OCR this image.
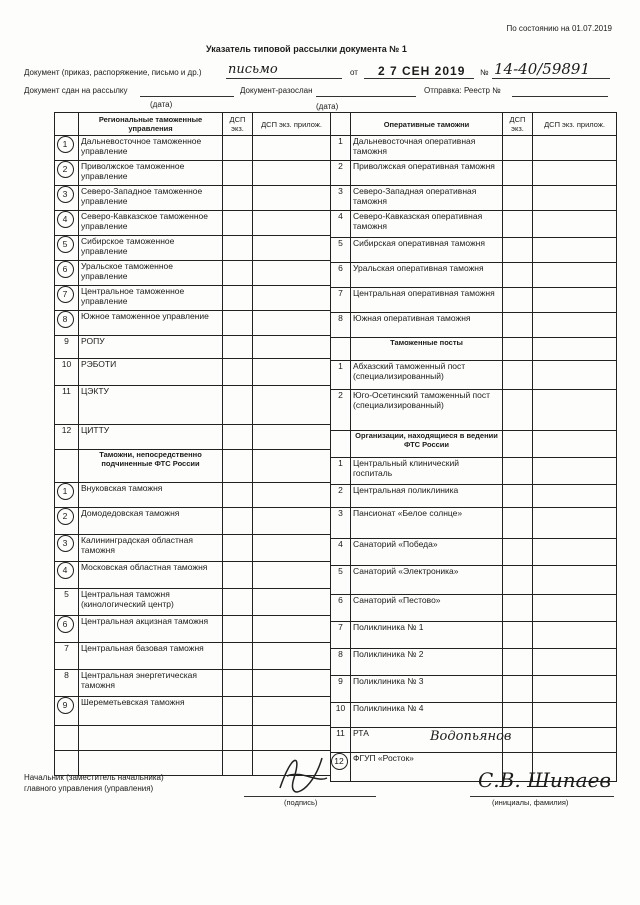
По состоянию на 01.07.2019
Указатель типовой рассылки документа № 1
Документ (приказ, распоряжение, письмо и др.) письмо	от 2 7 СЕН 2019 № 14-40/59891
Документ сдан на рассылку	Документ-разослан	Отправка: Реестр №
(дата)	(дата)
	Региональные таможенные управления	ДСП экз.	ДСП экз. прилож.
1	Дальневосточное таможенное управление		
2	Приволжское таможенное управление		
3	Северо-Западное таможенное управление		
4	Северо-Кавказское таможенное управление		
5	Сибирское таможенное управление		
6	Уральское таможенное управление		
7	Центральное таможенное управление		
8	Южное таможенное управление		
9	РОПУ		
10	РЭБОТИ		
11	ЦЭКТУ		
12	ЦИТТУ		
	Таможни, непосредственно подчиненные ФТС России		
1	Внуковская таможня		
2	Домодедовская таможня		
3	Калининградская областная таможня		
4	Московская областная таможня		
5	Центральная таможня (кинологический центр)		
6	Центральная акцизная таможня		
7	Центральная базовая таможня		
8	Центральная энергетическая таможня		
9	Шереметьевская таможня		

	Оперативные таможни	ДСП экз.	ДСП экз. прилож.
1	Дальневосточная оперативная таможня		
2	Приволжская оперативная таможня		
3	Северо-Западная оперативная таможня		
4	Северо-Кавказская оперативная таможня		
5	Сибирская оперативная таможня		
6	Уральская оперативная таможня		
7	Центральная оперативная таможня		
8	Южная оперативная таможня		
	Таможенные посты		
1	Абхазский таможенный пост (специализированный)		
2	Юго-Осетинский таможенный пост (специализированный)		
	Организации, находящиеся в ведении ФТС России		
1	Центральный клинический госпиталь		
2	Центральная поликлиника		
3	Пансионат «Белое солнце»		
4	Санаторий «Победа»		
5	Санаторий «Электроника»		
6	Санаторий «Пестово»		
7	Поликлиника № 1		
8	Поликлиника № 2		
9	Поликлиника № 3		
10	Поликлиника № 4		
11	РТА		
12	ФГУП «Росток»		
Водопьянов
Начальник (заместитель начальника) главного управления (управления)
(подпись)
С.В. Шипаев
(инициалы, фамилия)
